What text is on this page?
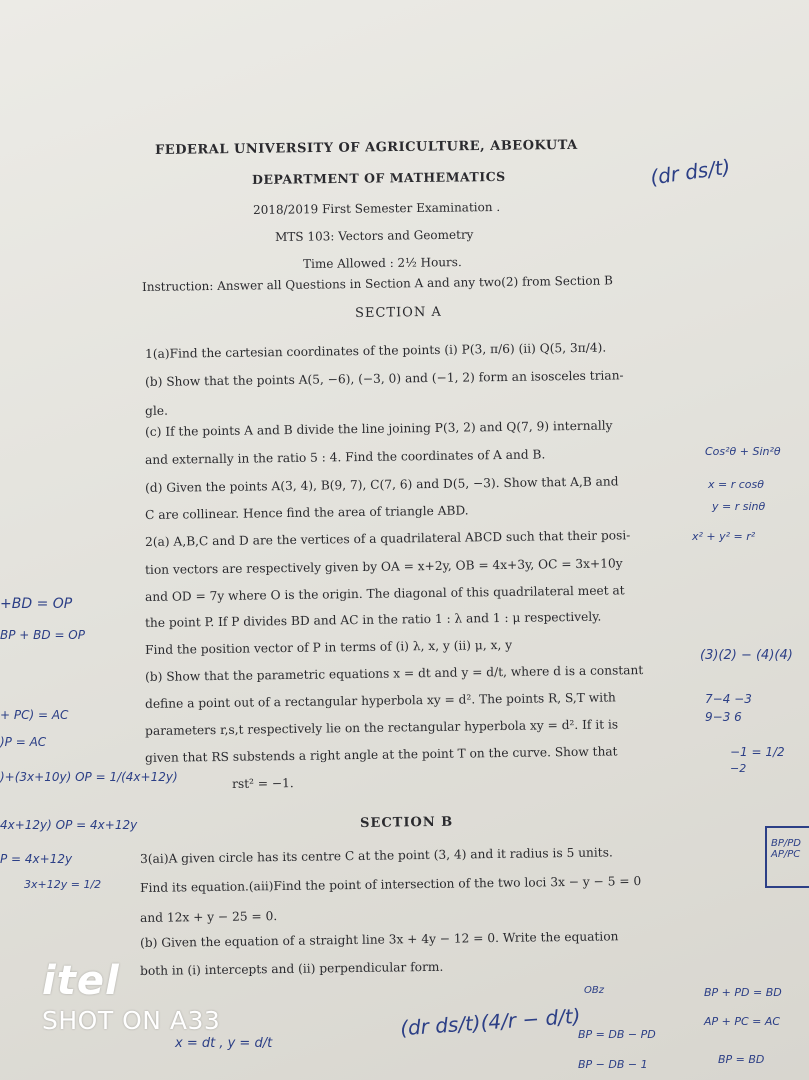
FEDERAL UNIVERSITY OF AGRICULTURE, ABEOKUTA
DEPARTMENT OF MATHEMATICS
2018/2019 First Semester Examination .
MTS 103: Vectors and Geometry
Time Allowed : 2½ Hours.
Instruction: Answer all Questions in Section A and any two(2) from Section B
SECTION A
1(a)Find the cartesian coordinates of the points (i) P(3, π/6) (ii) Q(5, 3π/4).
(b) Show that the points A(5, −6), (−3, 0) and (−1, 2) form an isosceles trian-
gle.
(c) If the points A and B divide the line joining P(3, 2) and Q(7, 9) internally
and externally in the ratio 5 : 4. Find the coordinates of A and B.
(d) Given the points A(3, 4), B(9, 7), C(7, 6) and D(5, −3). Show that A,B and
C are collinear. Hence find the area of triangle ABD.
2(a) A,B,C and D are the vertices of a quadrilateral ABCD such that their posi-
tion vectors are respectively given by OA = x+2y, OB = 4x+3y, OC = 3x+10y
and OD = 7y where O is the origin. The diagonal of this quadrilateral meet at
the point P. If P divides BD and AC in the ratio 1 : λ and 1 : μ respectively.
Find the position vector of P in terms of (i) λ, x, y (ii) μ, x, y
(b) Show that the parametric equations x = dt and y = d/t, where d is a constant
define a point out of a rectangular hyperbola xy = d². The points R, S,T with
parameters r,s,t respectively lie on the rectangular hyperbola xy = d². If it is
given that RS substends a right angle at the point T on the curve. Show that
rst² = −1.
SECTION B
3(ai)A given circle has its centre C at the point (3, 4) and it radius is 5 units.
Find its equation.(aii)Find the point of intersection of the two loci 3x − y − 5 = 0
and 12x + y − 25 = 0.
(b) Given the equation of a straight line 3x + 4y − 12 = 0. Write the equation
both in (i) intercepts and (ii) perpendicular form.
(dr ds/t)
Cos²θ + Sin²θ
x = r cosθ
y = r sinθ
x² + y² = r²
(3)(2) − (4)(4)
7−4 −3
9−3 6
−1 = 1/2
−2
+BD = OP
BP + BD = OP
+ PC) = AC
)P = AC
)+(3x+10y) OP = 1/(4x+12y)
4x+12y) OP = 4x+12y
P = 4x+12y
3x+12y = 1/2
BP/PD AP/PC
(dr ds/t)(4/r − d/t)
x = dt , y = d/t
BP = DB − PD
BP − DB − 1
BP + PD = BD
AP + PC = AC
BP = BD
OBz
itel
SHOT ON A33
